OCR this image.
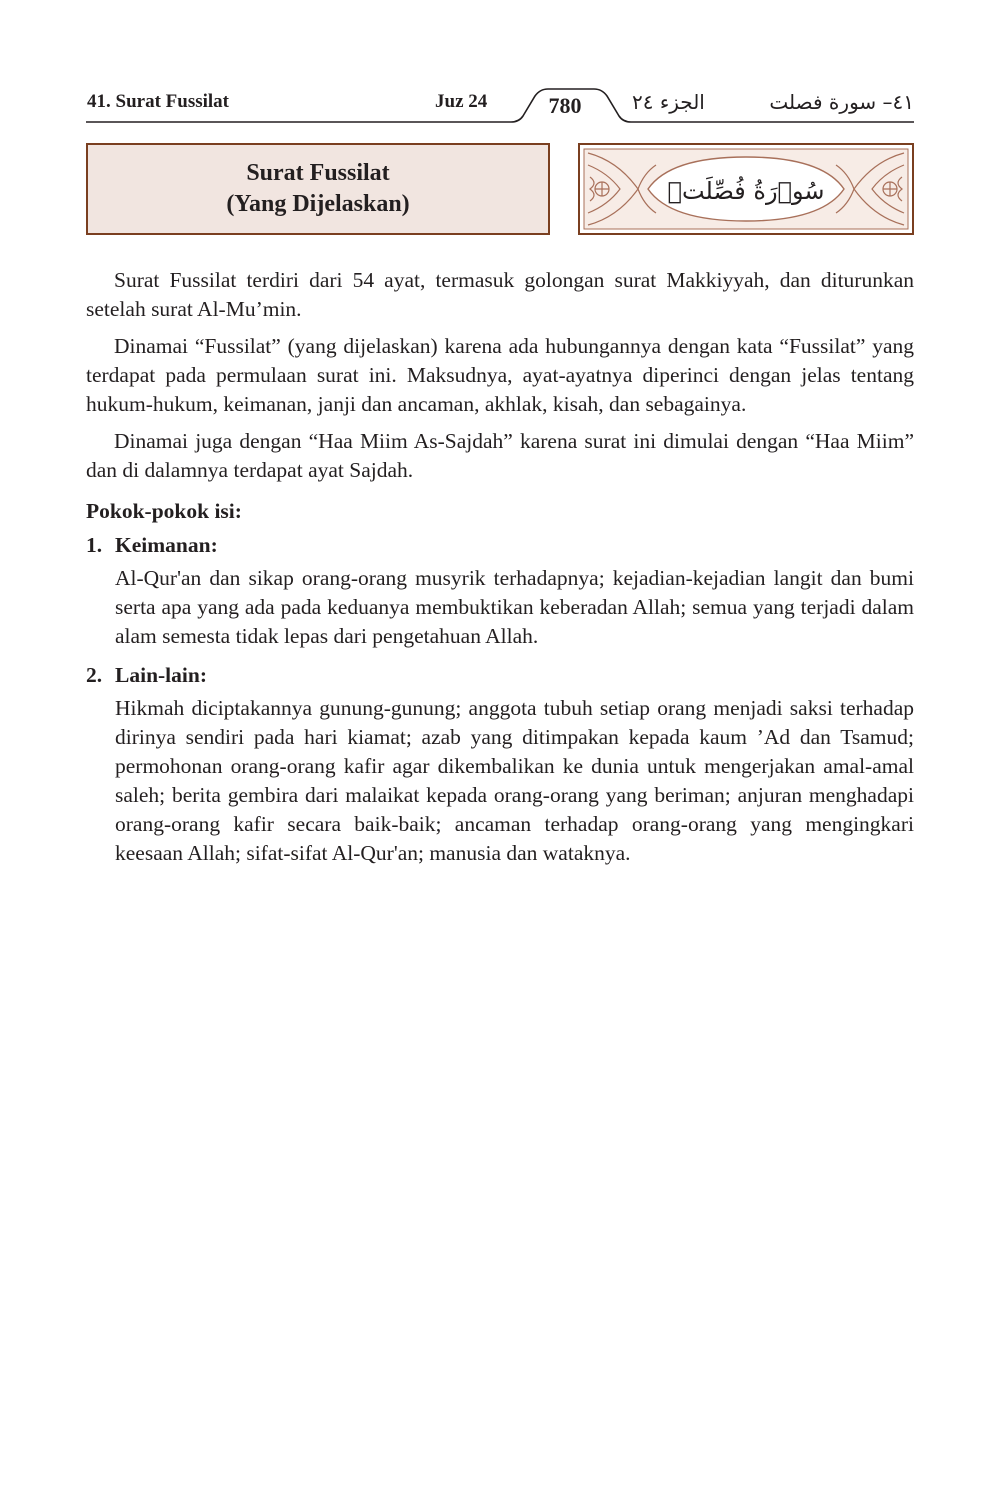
41. Surat Fussilat	Juz 24	الجزء ٢٤	٤١– سورة فصلت
780
Surat Fussilat
(Yang Dijelaskan)	سُوۡرَةُ فُصِّلَتۡ

Surat Fussilat terdiri dari 54 ayat, termasuk golongan surat Makkiyyah, dan diturunkan setelah surat Al-Mu’min.

Dinamai “Fussilat” (yang dijelaskan) karena ada hubungannya dengan kata “Fussilat” yang terdapat pada permulaan surat ini. Maksudnya, ayat-ayatnya diperinci dengan jelas tentang hukum-hukum, keimanan, janji dan ancaman, akhlak, kisah, dan sebagainya.

Dinamai juga dengan “Haa Miim As-Sajdah” karena surat ini dimulai dengan “Haa Miim” dan di dalamnya terdapat ayat Sajdah.

Pokok-pokok isi:
1. Keimanan:
Al-Qur'an dan sikap orang-orang musyrik terhadapnya; kejadian-kejadian langit dan bumi serta apa yang ada pada keduanya membuktikan keberadan Allah; semua yang terjadi dalam alam semesta tidak lepas dari pengetahuan Allah.
2. Lain-lain:
Hikmah diciptakannya gunung-gunung; anggota tubuh setiap orang menjadi saksi terhadap dirinya sendiri pada hari kiamat; azab yang ditimpakan kepada kaum ’Ad dan Tsamud; permohonan orang-orang kafir agar dikembalikan ke dunia untuk mengerjakan amal-amal saleh; berita gembira dari malaikat kepada orang-orang yang beriman; anjuran menghadapi orang-orang kafir secara baik-baik; ancaman terhadap orang-orang yang mengingkari keesaan Allah; sifat-sifat Al-Qur'an; manusia dan wataknya.
